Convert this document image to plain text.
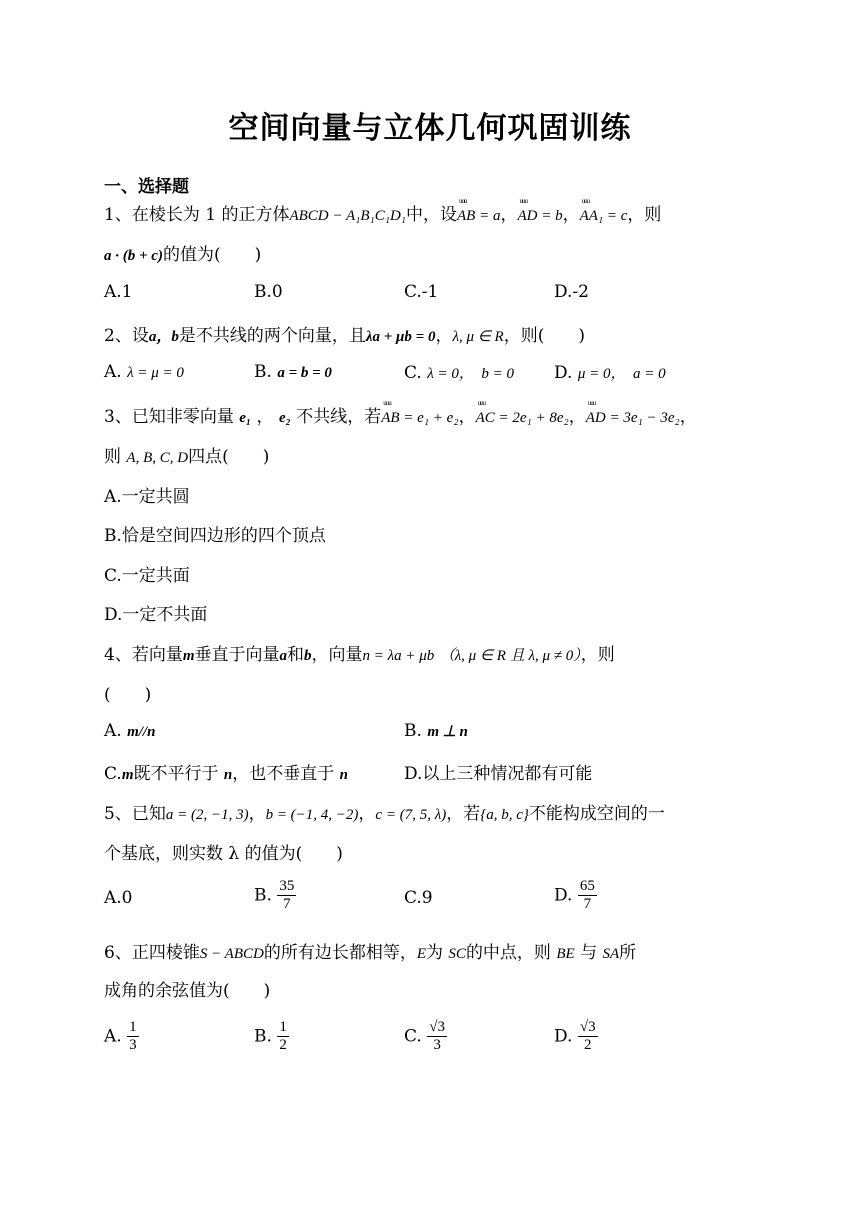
空间向量与立体几何巩固训练
一、选择题
1、在棱长为 1 的正方体ABCD − A₁B₁C₁D₁中，设uuu AB = a，uuu AD = b，uuu AA₁ = c，则
a · (b + c)的值为(　　)
A.1	B.0	C.-1	D.-2
2、设a，b是不共线的两个向量，且λa + μb = 0，λ, μ ∈ R，则(　　)
A. λ = μ = 0	B. a = b = 0	C. λ = 0，　b = 0 D. μ = 0，　a = 0
3、已知非零向量 e₁ ， e₂ 不共线，若uuu AB = e₁ + e₂，uuu AC = 2e₁ + 8e₂，uuu AD = 3e₁ − 3e₂，
则 A, B, C, D四点(　　)
A.一定共圆
B.恰是空间四边形的四个顶点
C.一定共面
D.一定不共面
4、若向量m垂直于向量a和b，向量n = λa + μb （λ, μ ∈ R 且 λ, μ ≠ 0），则
(　　)
A. m//n	B. m ⊥ n
C.m既不平行于 n，也不垂直于 n	D.以上三种情况都有可能
5、已知a = (2, −1, 3)，b = (−1, 4, −2)，c = (7, 5, λ)，若{a, b, c}不能构成空间的一
个基底，则实数 λ 的值为(　　)
A.0	B. $\frac{35}{7}$	C.9	D. $\frac{65}{7}$
6、正四棱锥S − ABCD的所有边长都相等，E为 SC的中点，则 BE 与 SA所
成角的余弦值为(　　)
A. $\frac{1}{3}$	B. $\frac{1}{2}$	C. $\frac{√3}{3}$	D. $\frac{√3}{2}$
